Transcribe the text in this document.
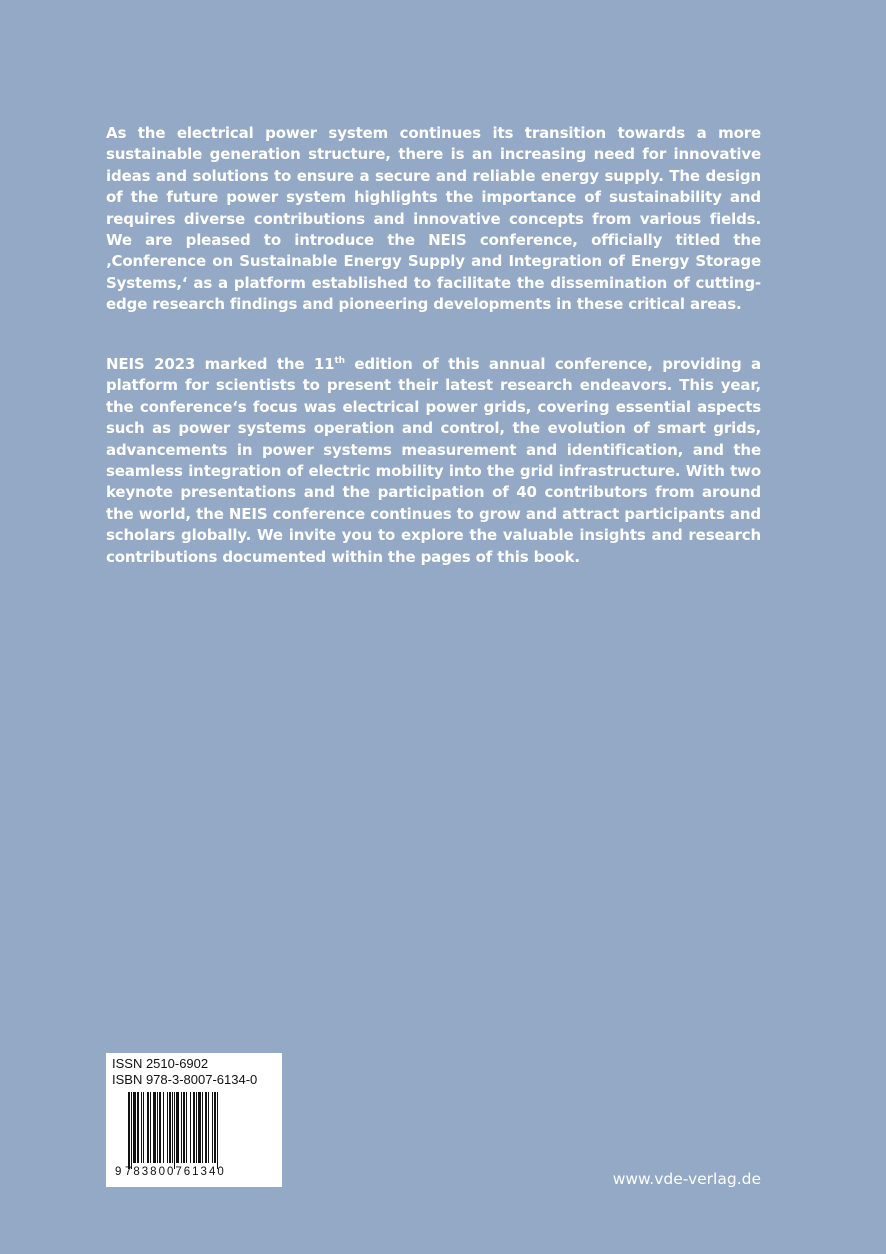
As the electrical power system continues its transition towards a more sustainable generation structure, there is an increasing need for innovative ideas and solutions to ensure a secure and reliable energy supply. The design of the future power system highlights the importance of sustainability and requires diverse contributions and innovative concepts from various fields. We are pleased to introduce the NEIS conference, officially titled the ‚Conference on Sustainable Energy Supply and Integration of Energy Storage Systems,‘ as a platform established to facilitate the dissemination of cutting-edge research findings and pioneering developments in these critical areas.

NEIS 2023 marked the 11th edition of this annual conference, providing a platform for scientists to present their latest research endeavors. This year, the conference‘s focus was electrical power grids, covering essential aspects such as power systems operation and control, the evolution of smart grids, advancements in power systems measurement and identification, and the seamless integration of electric mobility into the grid infrastructure. With two keynote presentations and the participation of 40 contributors from around the world, the NEIS conference continues to grow and attract participants and scholars globally. We invite you to explore the valuable insights and research contributions documented within the pages of this book.

ISSN 2510-6902
ISBN 978-3-8007-6134-0
9 783800761340	www.vde-verlag.de
